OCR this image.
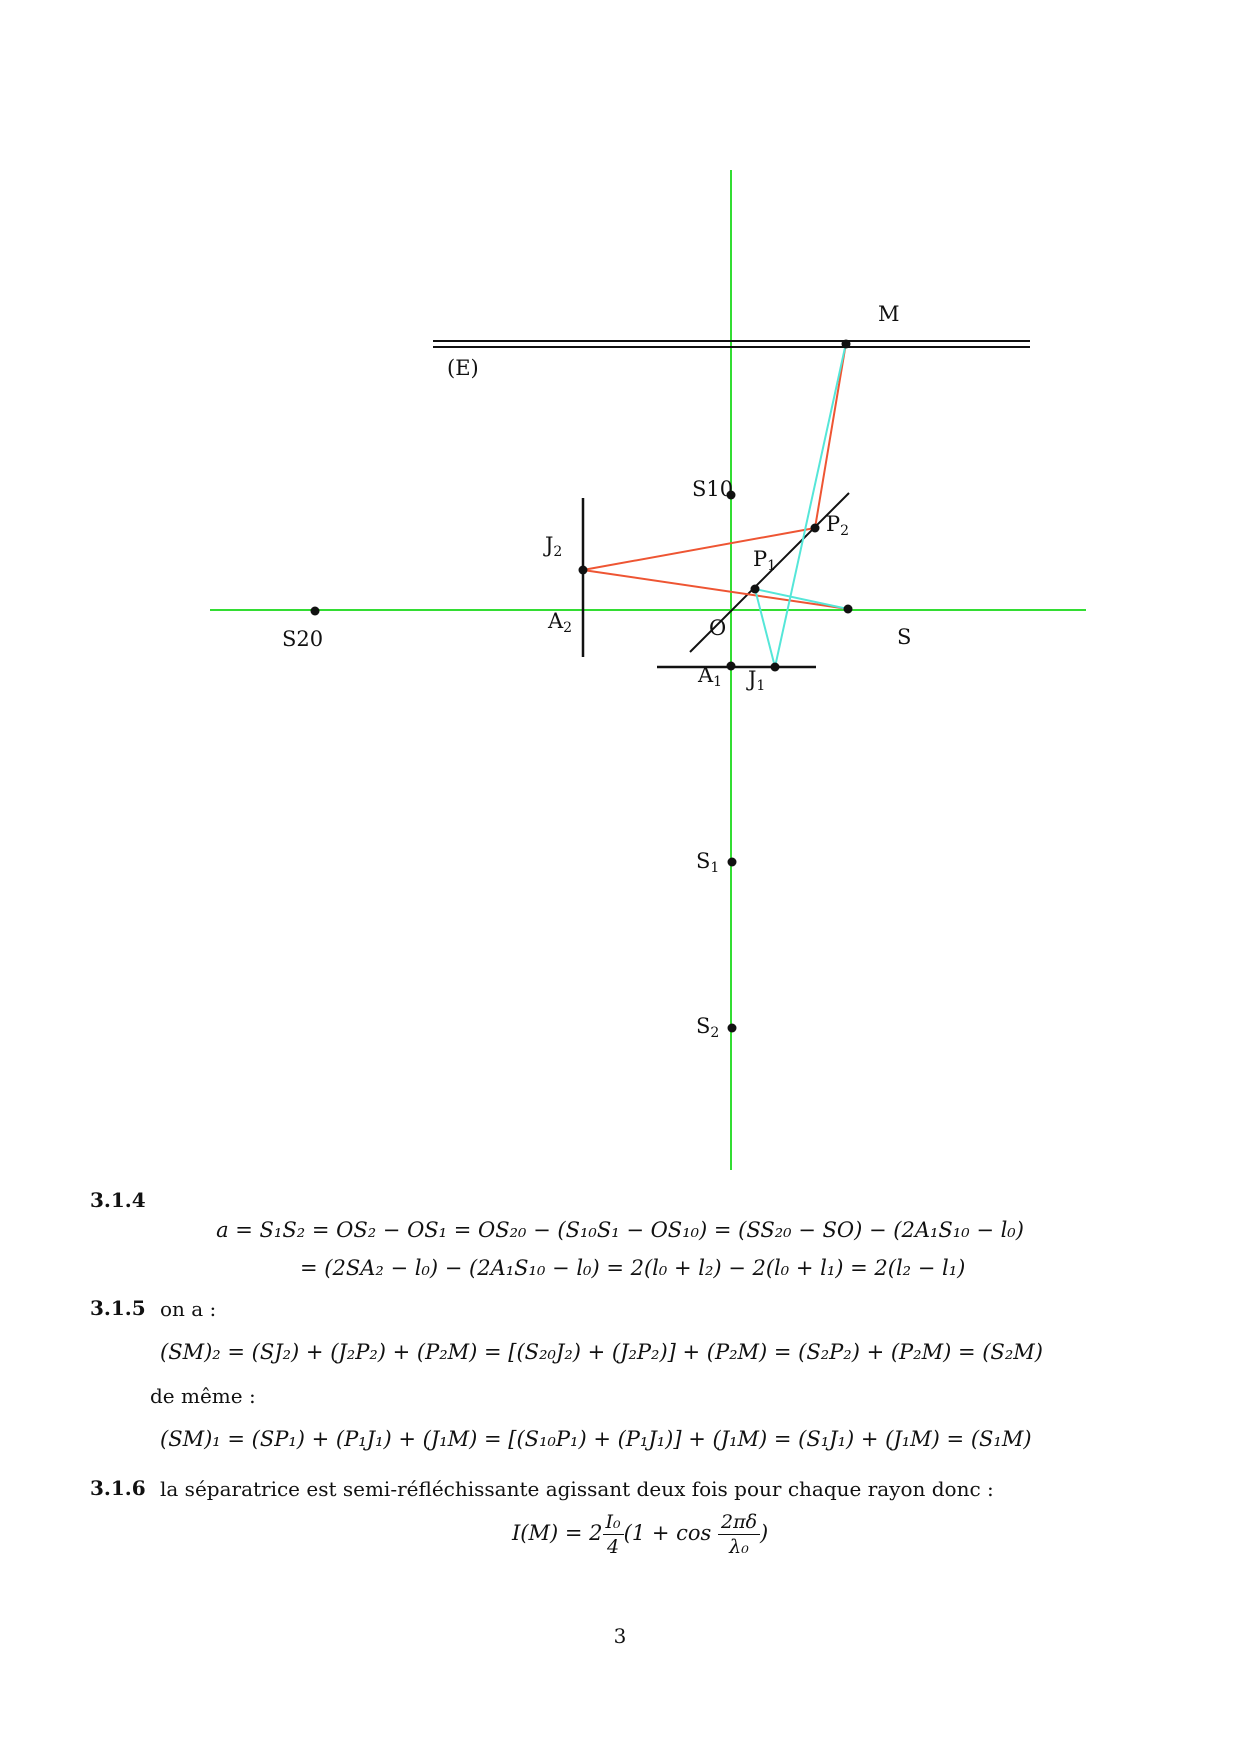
M
(E)
S10
J2	P1
P2
S20
A2	O	S
A1 J1
S1
S2
3.1.4
a = S₁S₂ = OS₂ − OS₁ = OS₂₀ − (S₁₀S₁ − OS₁₀) = (SS₂₀ − SO) − (2A₁S₁₀ − l₀)
= (2SA₂ − l₀) − (2A₁S₁₀ − l₀) = 2(l₀ + l₂) − 2(l₀ + l₁) = 2(l₂ − l₁)
3.1.5 on a :
(SM)₂ = (SJ₂) + (J₂P₂) + (P₂M) = [(S₂₀J₂) + (J₂P₂)] + (P₂M) = (S₂P₂) + (P₂M) = (S₂M)
de même :
(SM)₁ = (SP₁) + (P₁J₁) + (J₁M) = [(S₁₀P₁) + (P₁J₁)] + (J₁M) = (S₁J₁) + (J₁M) = (S₁M)
3.1.6 la séparatrice est semi-réfléchissante agissant deux fois pour chaque rayon donc :
$I(M) = 2 \frac{\text{I₀}}{4} (1 + \cos \frac{2\pi\delta}{\text{λ₀}}$ )
3
